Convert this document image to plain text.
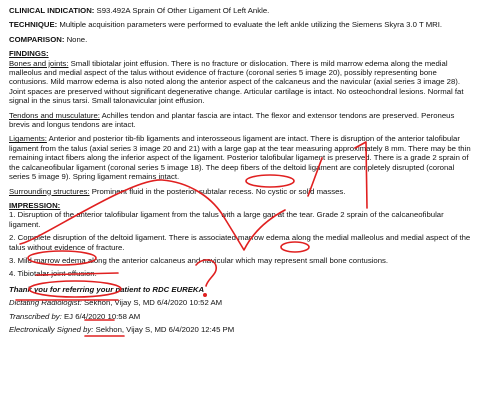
CLINICAL INDICATION: S93.492A Sprain Of Other Ligament Of Left Ankle.
TECHNIQUE: Multiple acquisition parameters were performed to evaluate the left ankle utilizing the Siemens Skyra 3.0 T MRI.
COMPARISON: None.
FINDINGS:
Bones and joints: Small tibiotalar joint effusion. There is no fracture or dislocation. There is mild marrow edema along the medial malleolus and medial aspect of the talus without evidence of fracture (coronal series 5 image 20), possibly representing bone contusions. Mild marrow edema is also noted along the anterior aspect of the calcaneus and the navicular (axial series 3 image 28). Joint spaces are preserved without significant degenerative change. Articular cartilage is intact. No osteochondral lesions. Normal fat signal in the sinus tarsi. Small talonavicular joint effusion.
Tendons and musculature: Achilles tendon and plantar fascia are intact. The flexor and extensor tendons are preserved. Peroneus brevis and longus tendons are intact.
Ligaments: Anterior and posterior tib-fib ligaments and interosseous ligament are intact. There is disruption of the anterior talofibular ligament from the talus (axial series 3 image 20 and 21) with a large gap at the tear measuring approximately 8 mm. There may be thin remaining intact fibers along the inferior aspect of the ligament. Posterior talofibular ligament is preserved. There is a grade 2 sprain of the calcaneofibular ligament (coronal series 5 image 18). The deep fibers of the deltoid ligament are completely disrupted (coronal series 5 image 9). Spring ligament remains intact.
Surrounding structures: Prominent fluid in the posterior subtalar recess. No cystic or solid masses.
IMPRESSION:
1. Disruption of the anterior talofibular ligament from the talus with a large gap at the tear. Grade 2 sprain of the calcaneofibular ligament.
2. Complete disruption of the deltoid ligament. There is associated marrow edema along the medial malleolus and medial aspect of the talus without evidence of fracture.
3. Mild marrow edema along the anterior calcaneus and navicular which may represent small bone contusions.
4. Tibiotalar joint effusion.
Thank you for referring your patient to RDC EUREKA
Dictating Radiologist: Sekhon, Vijay S, MD 6/4/2020 10:52 AM
Transcribed by: EJ 6/4/2020 10:58 AM
Electronically Signed by: Sekhon, Vijay S, MD 6/4/2020 12:45 PM
